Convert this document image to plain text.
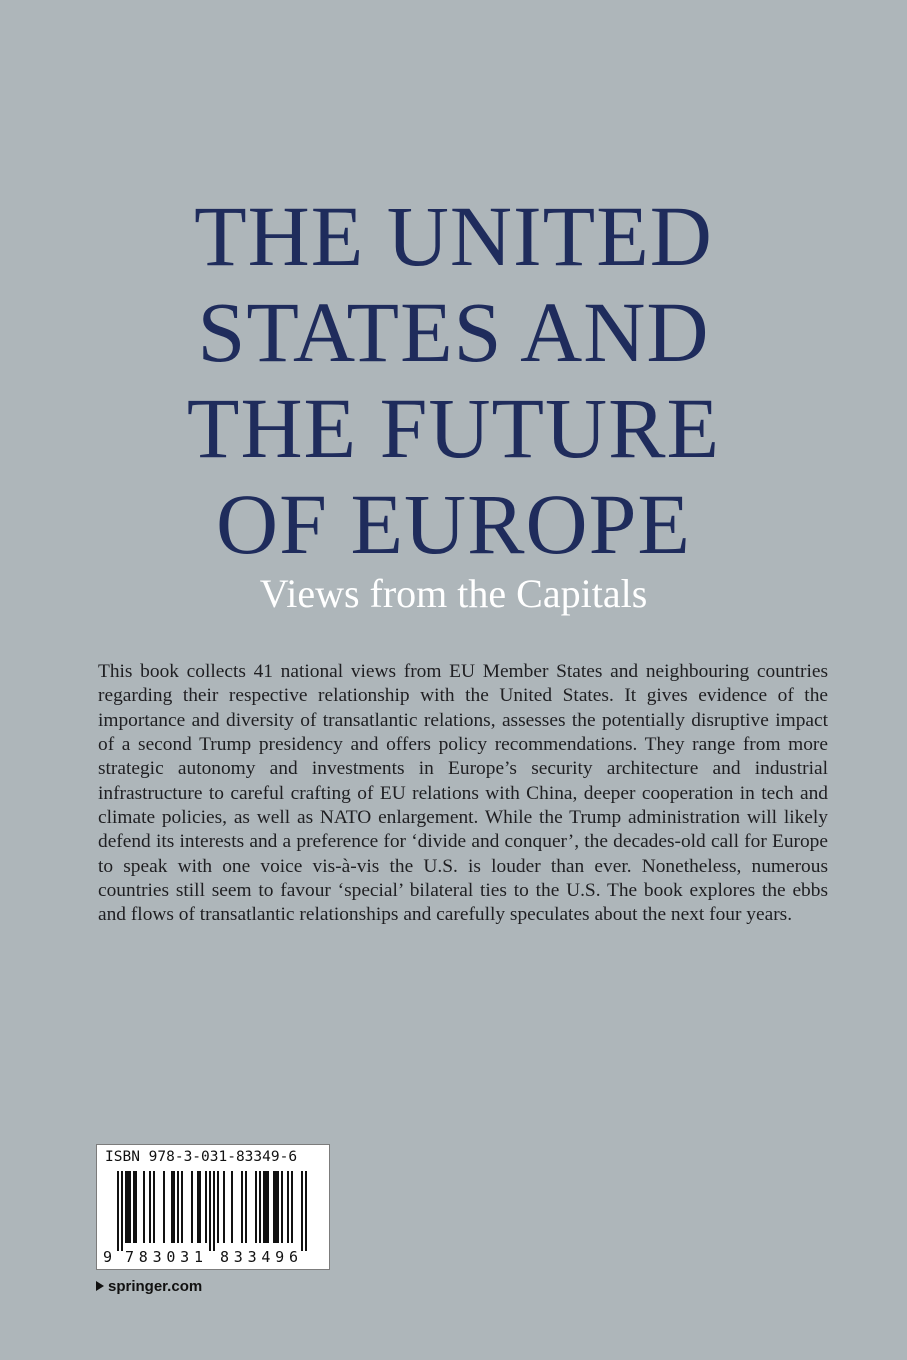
THE UNITED
STATES AND
THE FUTURE
OF EUROPE
Views from the Capitals

This book collects 41 national views from EU Member States and neighbouring countries regarding their respective relationship with the United States. It gives evidence of the importance and diversity of transatlantic relations, assesses the potentially disruptive impact of a second Trump presidency and offers policy recommendations. They range from more strategic autonomy and investments in Europe’s security architecture and industrial infrastructure to careful crafting of EU relations with China, deeper cooperation in tech and climate policies, as well as NATO enlargement. While the Trump administration will likely defend its interests and a preference for ‘divide and conquer’, the decades-old call for Europe to speak with one voice vis-à-vis the U.S. is louder than ever. Nonetheless, numerous countries still seem to favour ‘special’ bilateral ties to the U.S. The book explores the ebbs and flows of transatlantic relationships and carefully speculates about the next four years.

ISBN 978-3-031-83349-6
9 783031 833496
springer.com
